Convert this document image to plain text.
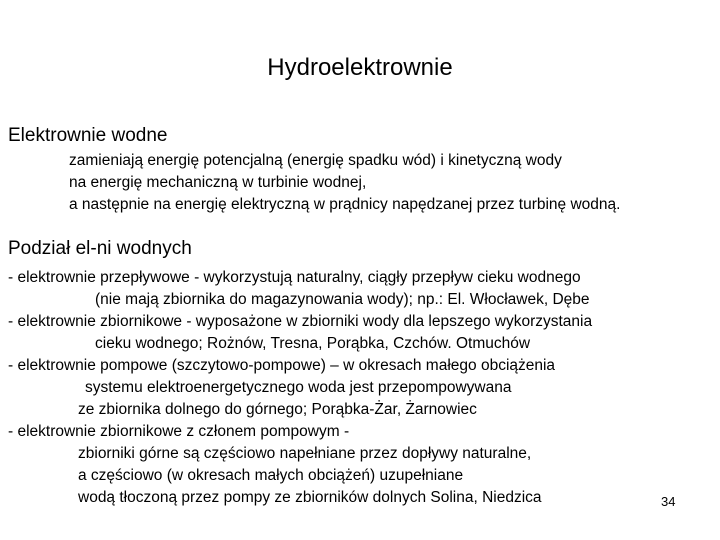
Hydroelektrownie
Elektrownie wodne
zamieniają energię potencjalną (energię spadku wód) i kinetyczną wody
na energię mechaniczną w turbinie wodnej,
a następnie na energię elektryczną w prądnicy napędzanej przez turbinę wodną.
Podział el-ni wodnych
- elektrownie przepływowe - wykorzystują naturalny, ciągły przepływ cieku wodnego
(nie mają zbiornika do magazynowania wody); np.: El. Włocławek, Dębe
- elektrownie zbiornikowe - wyposażone w zbiorniki wody dla lepszego wykorzystania
cieku wodnego; Rożnów, Tresna, Porąbka, Czchów. Otmuchów
- elektrownie pompowe (szczytowo-pompowe) – w okresach małego obciążenia
systemu elektroenergetycznego woda jest przepompowywana
ze zbiornika dolnego do górnego; Porąbka-Żar, Żarnowiec
- elektrownie zbiornikowe z członem pompowym -
zbiorniki górne są częściowo napełniane przez dopływy naturalne,
a częściowo (w okresach małych obciążeń) uzupełniane
wodą tłoczoną przez pompy ze zbiorników dolnych Solina, Niedzica	34
